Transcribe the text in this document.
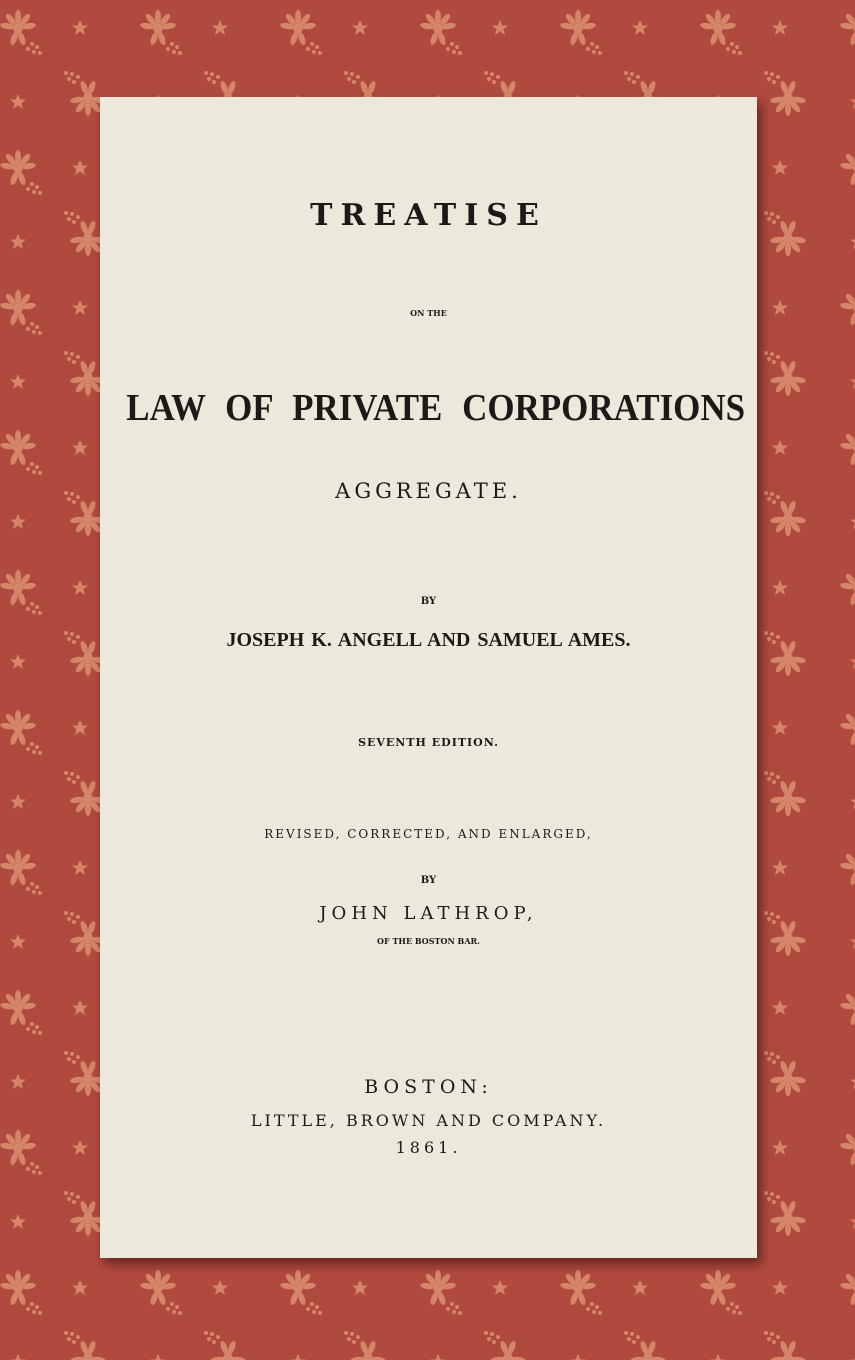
TREATISE
ON THE
LAW OF PRIVATE CORPORATIONS
AGGREGATE.
BY
JOSEPH K. ANGELL AND SAMUEL AMES.
SEVENTH EDITION.
REVISED, CORRECTED, AND ENLARGED,
BY
JOHN LATHROP,
OF THE BOSTON BAR.
BOSTON:
LITTLE, BROWN AND COMPANY.
1861.
